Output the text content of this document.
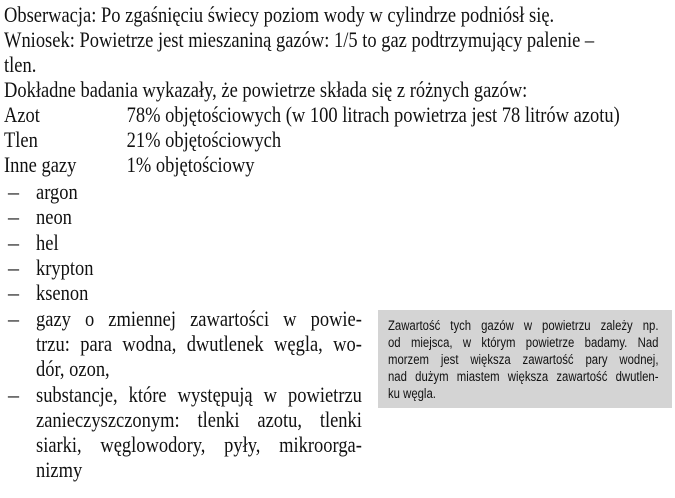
Obserwacja: Po zgaśnięciu świecy poziom wody w cylindrze podniósł się.
Wniosek: Powietrze jest mieszaniną gazów: 1/5 to gaz podtrzymujący palenie –
tlen.
Dokładne badania wykazały, że powietrze składa się z różnych gazów:
Azot	78% objętościowych (w 100 litrach powietrza jest 78 litrów azotu)
Tlen	21% objętościowych
Inne gazy 1% objętościowy
– argon
– neon
– hel
– krypton
– ksenon
– gazy o zmiennej zawartości w powie-
trzu: para wodna, dwutlenek węgla, wo-
dór, ozon,
– substancje, które występują w powietrzu
zanieczyszczonym: tlenki azotu, tlenki
siarki, węglowodory, pyły, mikroorga-
nizmy
Zawartość tych gazów w powietrzu zależy np.
od miejsca, w którym powietrze badamy. Nad
morzem jest większa zawartość pary wodnej,
nad dużym miastem większa zawartość dwutlen-
ku węgla.
